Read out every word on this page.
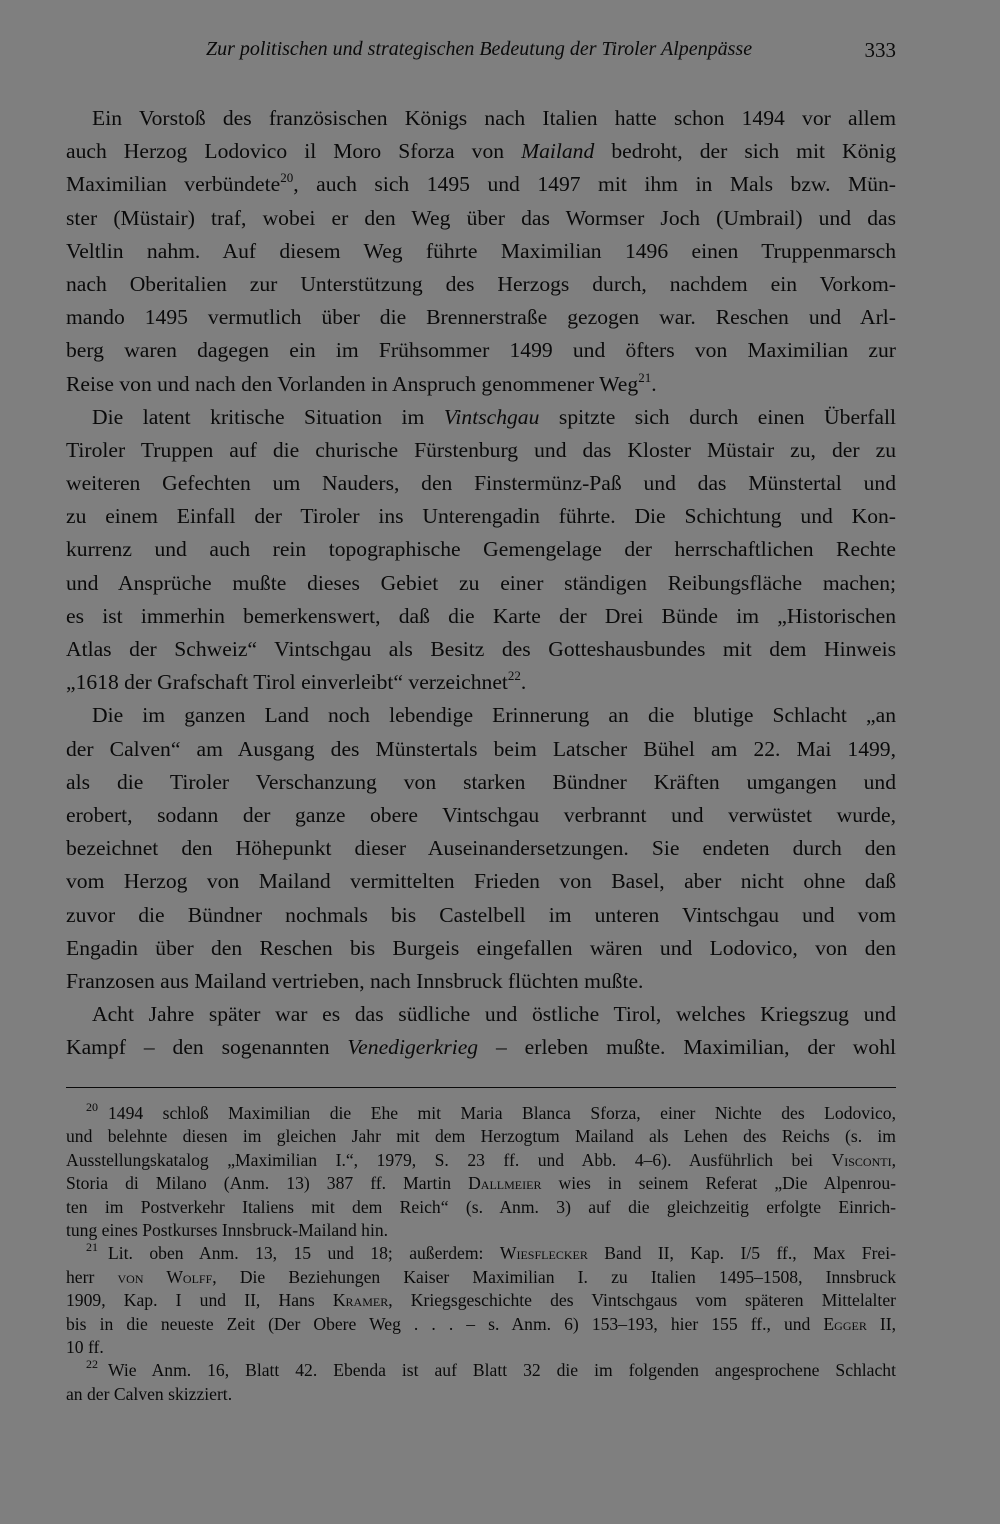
Zur politischen und strategischen Bedeutung der Tiroler Alpenpässe	333
Ein Vorstoß des französischen Königs nach Italien hatte schon 1494 vor allem
auch Herzog Lodovico il Moro Sforza von Mailand bedroht, der sich mit König
Maximilian verbündete$^{20}$, auch sich 1495 und 1497 mit ihm in Mals bzw. Mün-
ster (Müstair) traf, wobei er den Weg über das Wormser Joch (Umbrail) und das
Veltlin nahm. Auf diesem Weg führte Maximilian 1496 einen Truppenmarsch
nach Oberitalien zur Unterstützung des Herzogs durch, nachdem ein Vorkom-
mando 1495 vermutlich über die Brennerstraße gezogen war. Reschen und Arl-
berg waren dagegen ein im Frühsommer 1499 und öfters von Maximilian zur
Reise von und nach den Vorlanden in Anspruch genommener Weg$^{21}$.
Die latent kritische Situation im Vintschgau spitzte sich durch einen Überfall
Tiroler Truppen auf die churische Fürstenburg und das Kloster Müstair zu, der zu
weiteren Gefechten um Nauders, den Finstermünz-Paß und das Münstertal und
zu einem Einfall der Tiroler ins Unterengadin führte. Die Schichtung und Kon-
kurrenz und auch rein topographische Gemengelage der herrschaftlichen Rechte
und Ansprüche mußte dieses Gebiet zu einer ständigen Reibungsfläche machen;
es ist immerhin bemerkenswert, daß die Karte der Drei Bünde im „Historischen
Atlas der Schweiz“ Vintschgau als Besitz des Gotteshausbundes mit dem Hinweis
„1618 der Grafschaft Tirol einverleibt“ verzeichnet$^{22}$.
Die im ganzen Land noch lebendige Erinnerung an die blutige Schlacht „an
der Calven“ am Ausgang des Münstertals beim Latscher Bühel am 22. Mai 1499,
als die Tiroler Verschanzung von starken Bündner Kräften umgangen und
erobert, sodann der ganze obere Vintschgau verbrannt und verwüstet wurde,
bezeichnet den Höhepunkt dieser Auseinandersetzungen. Sie endeten durch den
vom Herzog von Mailand vermittelten Frieden von Basel, aber nicht ohne daß
zuvor die Bündner nochmals bis Castelbell im unteren Vintschgau und vom
Engadin über den Reschen bis Burgeis eingefallen wären und Lodovico, von den
Franzosen aus Mailand vertrieben, nach Innsbruck flüchten mußte.
Acht Jahre später war es das südliche und östliche Tirol, welches Kriegszug und
Kampf – den sogenannten Venedigerkrieg – erleben mußte. Maximilian, der wohl
$^{20}$ 1494 schloß Maximilian die Ehe mit Maria Blanca Sforza, einer Nichte des Lodovico,
und belehnte diesen im gleichen Jahr mit dem Herzogtum Mailand als Lehen des Reichs (s. im
Ausstellungskatalog „Maximilian I.“, 1979, S. 23 ff. und Abb. 4–6). Ausführlich bei Visconti,
Storia di Milano (Anm. 13) 387 ff. Martin Dallmeier wies in seinem Referat „Die Alpenrou-
ten im Postverkehr Italiens mit dem Reich“ (s. Anm. 3) auf die gleichzeitig erfolgte Einrich-
tung eines Postkurses Innsbruck-Mailand hin.
$^{21}$ Lit. oben Anm. 13, 15 und 18; außerdem: Wiesflecker Band II, Kap. I/5 ff., Max Frei-
herr von Wolff, Die Beziehungen Kaiser Maximilian I. zu Italien 1495–1508, Innsbruck
1909, Kap. I und II, Hans Kramer, Kriegsgeschichte des Vintschgaus vom späteren Mittelalter
bis in die neueste Zeit (Der Obere Weg . . . – s. Anm. 6) 153–193, hier 155 ff., und Egger II,
10 ff.
$^{22}$ Wie Anm. 16, Blatt 42. Ebenda ist auf Blatt 32 die im folgenden angesprochene Schlacht
an der Calven skizziert.
